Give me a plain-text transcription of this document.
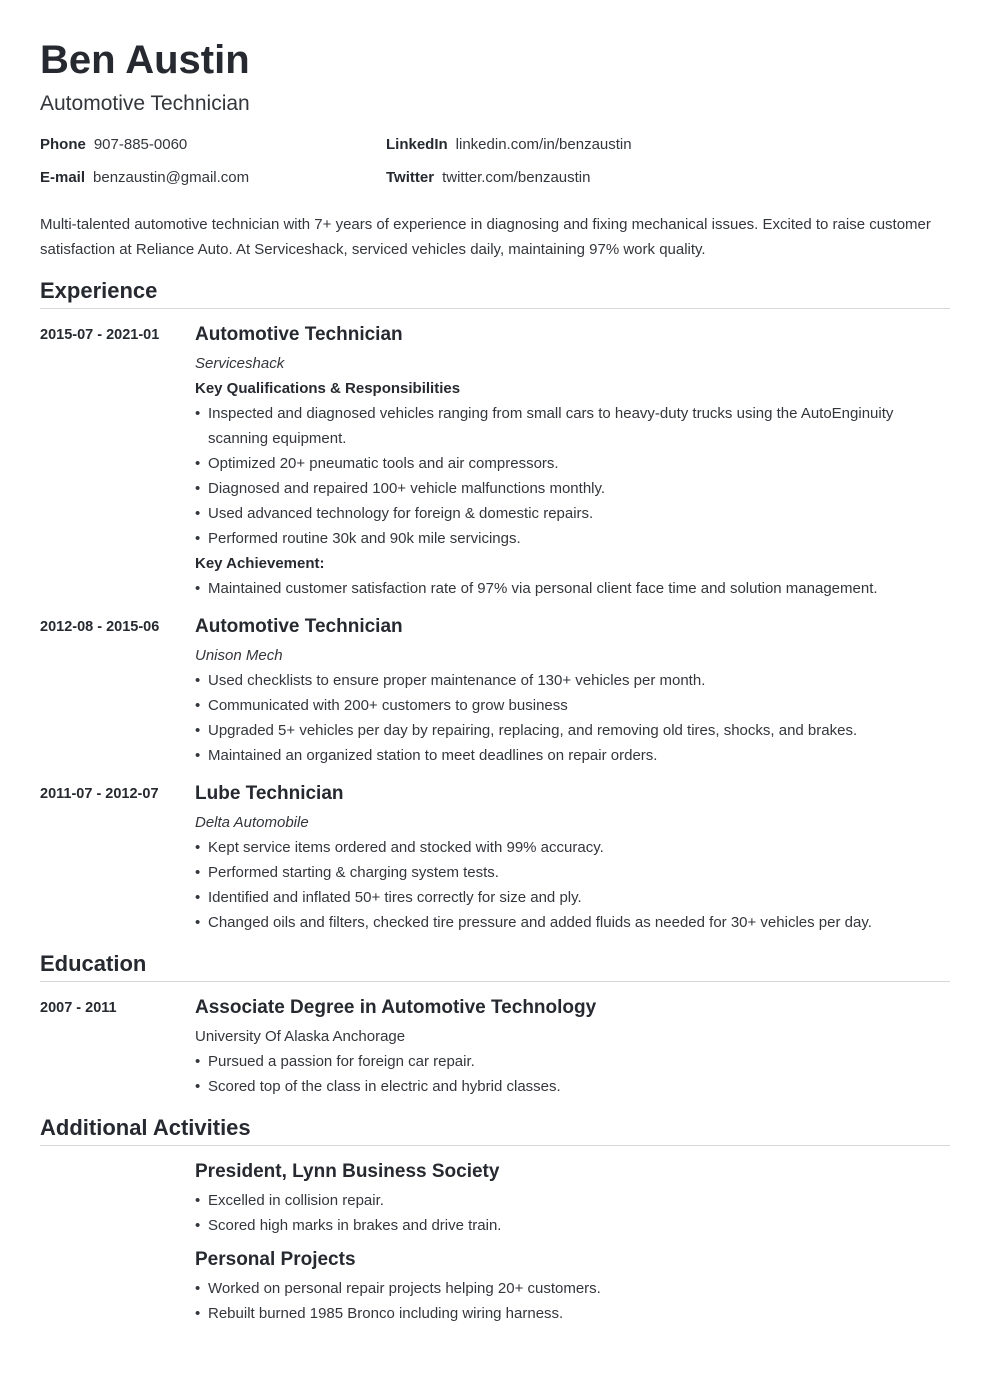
Ben Austin
Automotive Technician
Phone 907-885-0060	LinkedIn linkedin.com/in/benzaustin
E-mail benzaustin@gmail.com	Twitter twitter.com/benzaustin
Multi-talented automotive technician with 7+ years of experience in diagnosing and fixing mechanical issues. Excited to raise customer satisfaction at Reliance Auto. At Serviceshack, serviced vehicles daily, maintaining 97% work quality.
Experience
2015-07 - 2021-01	Automotive Technician
Serviceshack
Key Qualifications & Responsibilities
• Inspected and diagnosed vehicles ranging from small cars to heavy-duty trucks using the AutoEnginuity scanning equipment.
• Optimized 20+ pneumatic tools and air compressors.
• Diagnosed and repaired 100+ vehicle malfunctions monthly.
• Used advanced technology for foreign & domestic repairs.
• Performed routine 30k and 90k mile servicings.
Key Achievement:
• Maintained customer satisfaction rate of 97% via personal client face time and solution management.
2012-08 - 2015-06	Automotive Technician
Unison Mech
• Used checklists to ensure proper maintenance of 130+ vehicles per month.
• Communicated with 200+ customers to grow business
• Upgraded 5+ vehicles per day by repairing, replacing, and removing old tires, shocks, and brakes.
• Maintained an organized station to meet deadlines on repair orders.
2011-07 - 2012-07	Lube Technician
Delta Automobile
• Kept service items ordered and stocked with 99% accuracy.
• Performed starting & charging system tests.
• Identified and inflated 50+ tires correctly for size and ply.
• Changed oils and filters, checked tire pressure and added fluids as needed for 30+ vehicles per day.
Education
2007 - 2011	Associate Degree in Automotive Technology
University Of Alaska Anchorage
• Pursued a passion for foreign car repair.
• Scored top of the class in electric and hybrid classes.
Additional Activities
President, Lynn Business Society
• Excelled in collision repair.
• Scored high marks in brakes and drive train.
Personal Projects
• Worked on personal repair projects helping 20+ customers.
• Rebuilt burned 1985 Bronco including wiring harness.
